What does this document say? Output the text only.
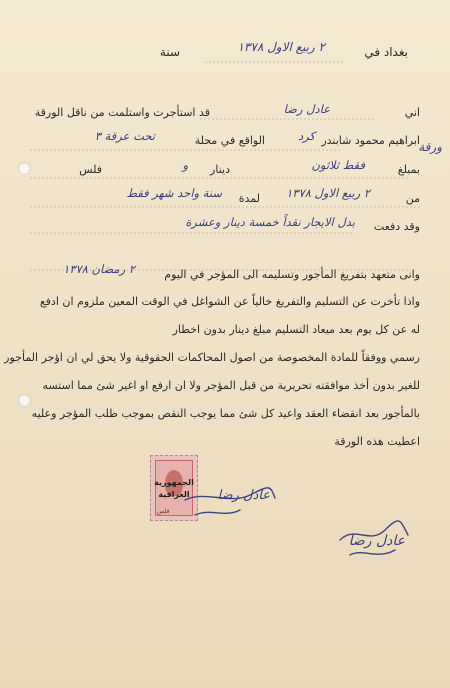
بغداد في
٢ ربيع الاول ١٣٧٨
سنة
ورقة
اني
عادل رضا
قد استأجرت واستلمت من ناقل الورقة
ابراهيم محمود شابندر
كرد
الواقع في محلة
تحت عرقة ٣
بمبلغ
فقط ثلاثون
دينار
و
فلس
من
٢ ربيع الاول ١٣٧٨
لمدة
سنة واحد شهر فقط
وقد دفعت
بدل الايجار نقداً خمسة دينار وعشرة
وانى متعهد بتفريغ المأجور وتسليمه الى المؤجر في اليوم
٢ رمضان ١٣٧٨
واذا تأخرت عن التسليم والتفريغ خالياً عن الشواغل في الوقت المعين ملزوم ان ادفع
له عن كل يوم بعد ميعاد التسليم مبلغ دينار بدون اخطار
رسمي ووفقاً للمادة المخصوصة من اصول المحاكمات الحقوقية ولا يحق لي ان اؤجر المأجور
للغير بدون أخذ موافقته تحريرية من قبل المؤجر ولا ان ارفع او اغير شئ مما استسه
بالمأجور بعد انقضاء العقد واعيد كل شئ مما يوجب النقص بموجب طلب المؤجر وعليه
اعطيت هذه الورقة
الجمهورية
العراقية
فلس
عادل رضا
عادل رضا
